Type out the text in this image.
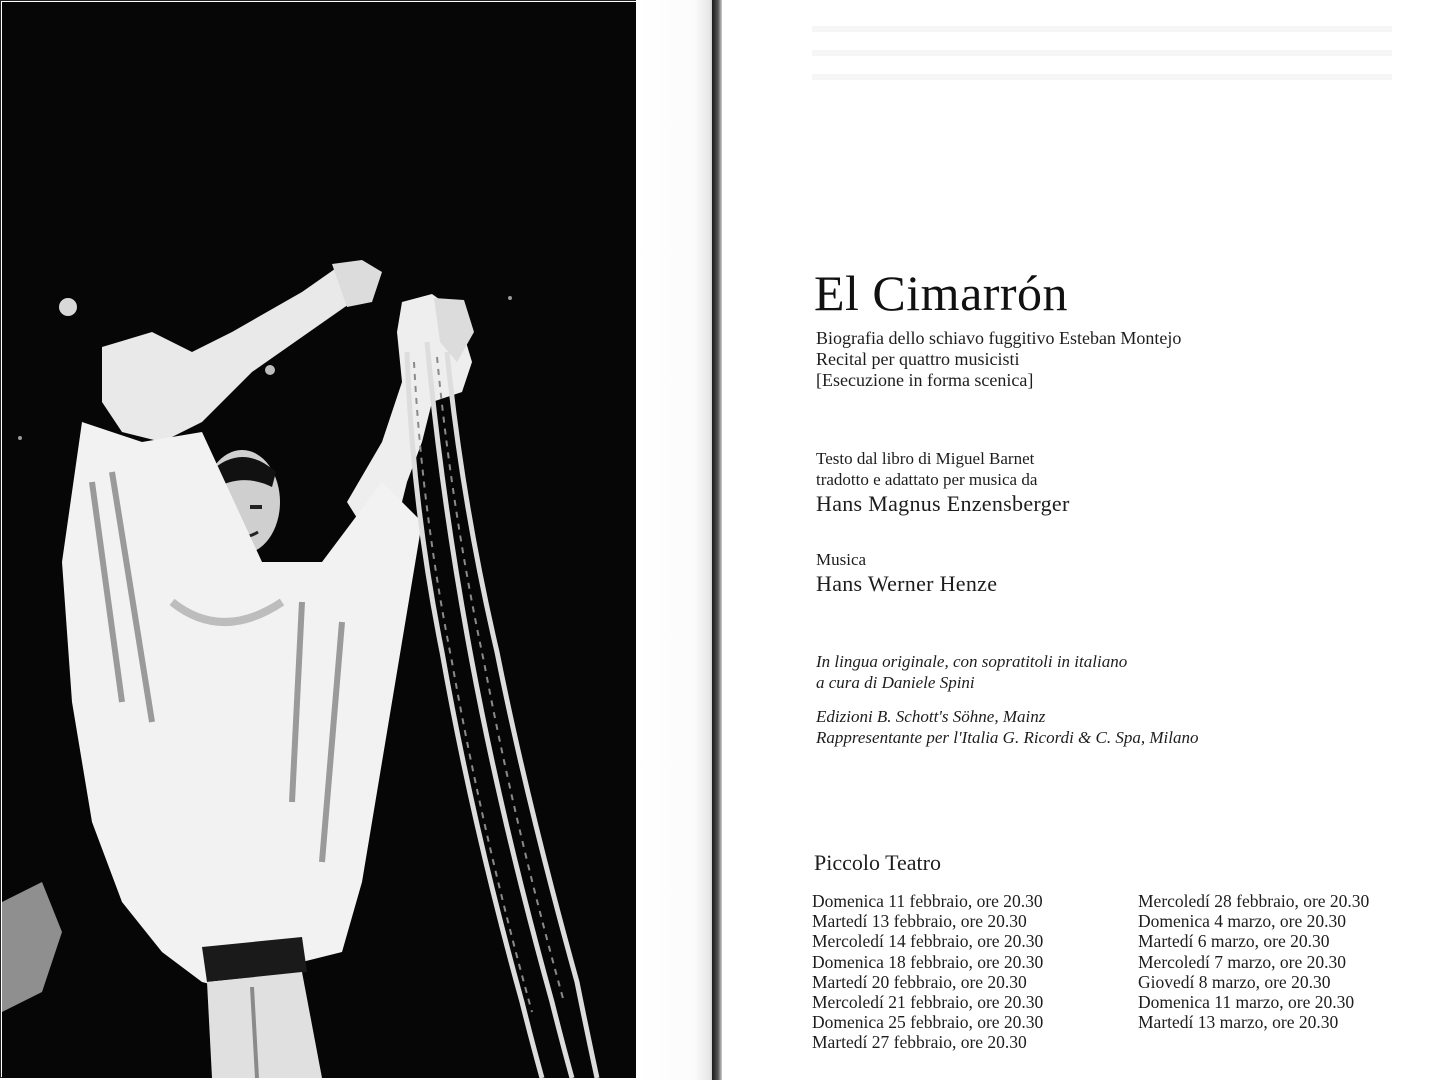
El Cimarrón
Biografia dello schiavo fuggitivo Esteban Montejo
Recital per quattro musicisti
[Esecuzione in forma scenica]
Testo dal libro di Miguel Barnet
tradotto e adattato per musica da
Hans Magnus Enzensberger
Musica
Hans Werner Henze
In lingua originale, con sopratitoli in italiano
a cura di Daniele Spini
Edizioni B. Schott's Söhne, Mainz
Rappresentante per l'Italia G. Ricordi & C. Spa, Milano
Piccolo Teatro
Domenica 11 febbraio, ore 20.30
Martedí 13 febbraio, ore 20.30
Mercoledí 14 febbraio, ore 20.30
Domenica 18 febbraio, ore 20.30
Martedí 20 febbraio, ore 20.30
Mercoledí 21 febbraio, ore 20.30
Domenica 25 febbraio, ore 20.30
Martedí 27 febbraio, ore 20.30
Mercoledí 28 febbraio, ore 20.30
Domenica 4 marzo, ore 20.30
Martedí 6 marzo, ore 20.30
Mercoledí 7 marzo, ore 20.30
Giovedí 8 marzo, ore 20.30
Domenica 11 marzo, ore 20.30
Martedí 13 marzo, ore 20.30
